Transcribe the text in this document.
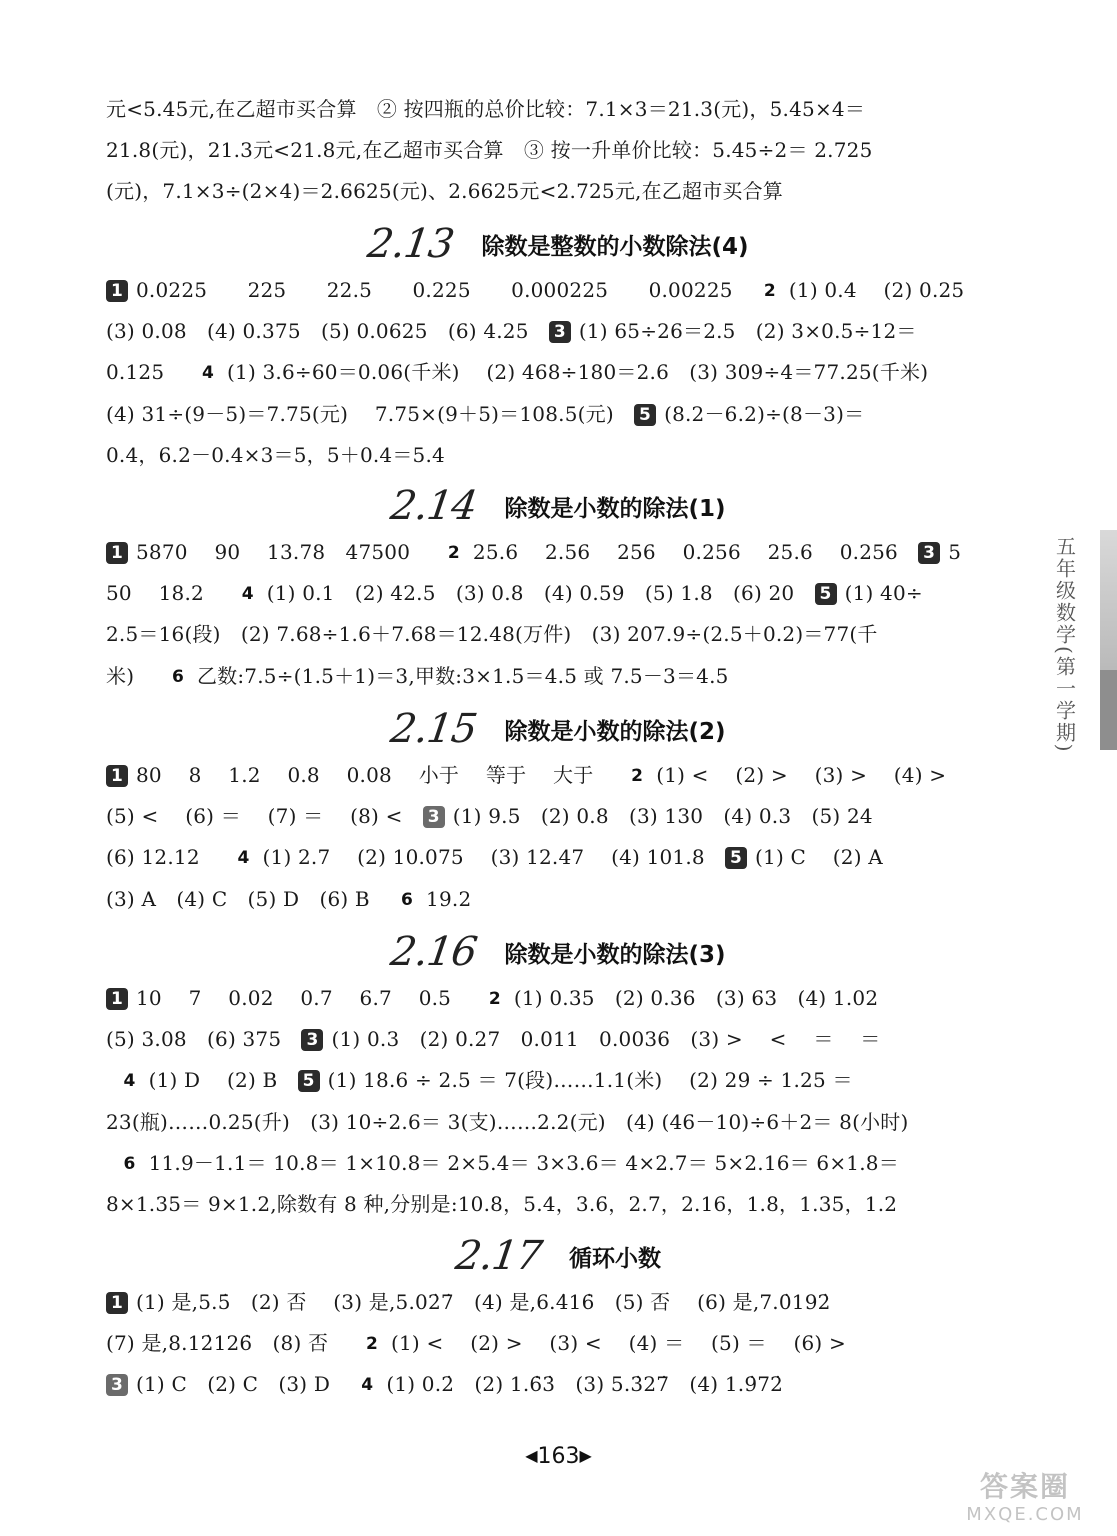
元<5.45元,在乙超市买合算　② 按四瓶的总价比较：7.1×3＝21.3(元)，5.45×4＝
21.8(元)，21.3元<21.8元,在乙超市买合算　③ 按一升单价比较：5.45÷2＝ 2.725
(元)，7.1×3÷(2×4)＝2.6625(元)、2.6625元<2.725元,在乙超市买合算
2.13 除数是整数的小数除法(4)
1 0.0225　　225　　22.5　　0.225　　0.000225　　0.00225　2 (1) 0.4　 (2) 0.25
(3) 0.08　(4) 0.375　(5) 0.0625　(6) 4.25　3 (1) 65÷26＝2.5　(2) 3×0.5÷12＝
0.125　 4 (1) 3.6÷60＝0.06(千米)　 (2) 468÷180＝2.6　(3) 309÷4＝77.25(千米)
(4) 31÷(9－5)＝7.75(元)　 7.75×(9＋5)＝108.5(元)　5 (8.2－6.2)÷(8－3)＝
0.4，6.2－0.4×3＝5，5＋0.4＝5.4
2.14 除数是小数的除法(1)
1 5870　 90　 13.78　47500　 2 25.6　 2.56　 256　 0.256　 25.6　 0.256　3 5
50　 18.2　 4 (1) 0.1　(2) 42.5　(3) 0.8　(4) 0.59　(5) 1.8　(6) 20　5 (1) 40÷
2.5＝16(段)　(2) 7.68÷1.6＋7.68＝12.48(万件)　(3) 207.9÷(2.5＋0.2)＝77(千
米)　 6 乙数:7.5÷(1.5＋1)＝3,甲数:3×1.5＝4.5 或 7.5－3＝4.5
2.15 除数是小数的除法(2)
1 80　 8　 1.2　 0.8　 0.08　 小于　 等于　 大于　 2 (1) <　 (2) >　 (3) >　 (4) >
(5) <　 (6) ＝　 (7) ＝　 (8) <　3 (1) 9.5　(2) 0.8　(3) 130　(4) 0.3　(5) 24
(6) 12.12　 4 (1) 2.7　 (2) 10.075　 (3) 12.47　 (4) 101.8　5 (1) C　 (2) A
(3) A　(4) C　(5) D　(6) B　6 19.2
2.16 除数是小数的除法(3)
1 10　 7　 0.02　 0.7　 6.7　 0.5　 2 (1) 0.35　(2) 0.36　(3) 63　(4) 1.02
(5) 3.08　(6) 375　3 (1) 0.3　(2) 0.27　0.011　0.0036　(3) >　 <　 ＝　 ＝
4 (1) D　 (2) B　5 (1) 18.6 ÷ 2.5 ＝ 7(段)……1.1(米)　 (2) 29 ÷ 1.25 ＝
23(瓶)……0.25(升)　(3) 10÷2.6＝ 3(支)……2.2(元)　(4) (46－10)÷6＋2＝ 8(小时)
6 11.9－1.1＝ 10.8＝ 1×10.8＝ 2×5.4＝ 3×3.6＝ 4×2.7＝ 5×2.16＝ 6×1.8＝
8×1.35＝ 9×1.2,除数有 8 种,分别是:10.8，5.4，3.6，2.7，2.16，1.8，1.35，1.2
2.17 循环小数
1 (1) 是,5.5̇　(2) 否　 (3) 是,5.02̇7̇　(4) 是,6.4̇16̇　(5) 否　 (6) 是,7.0̇192̇
(7) 是,8.12̇126̇　(8) 否　 2 (1) <　 (2) >　 (3) <　 (4) ＝　 (5) ＝　 (6) >
3 (1) C　(2) C　(3) D　4 (1) 0.2̇　(2) 1.6̇3̇　(3) 5.3̇27̇　(4) 1.9̇72̇
五年级数学(第一学期)
◀163▶
答案圈
MXQE.COM
